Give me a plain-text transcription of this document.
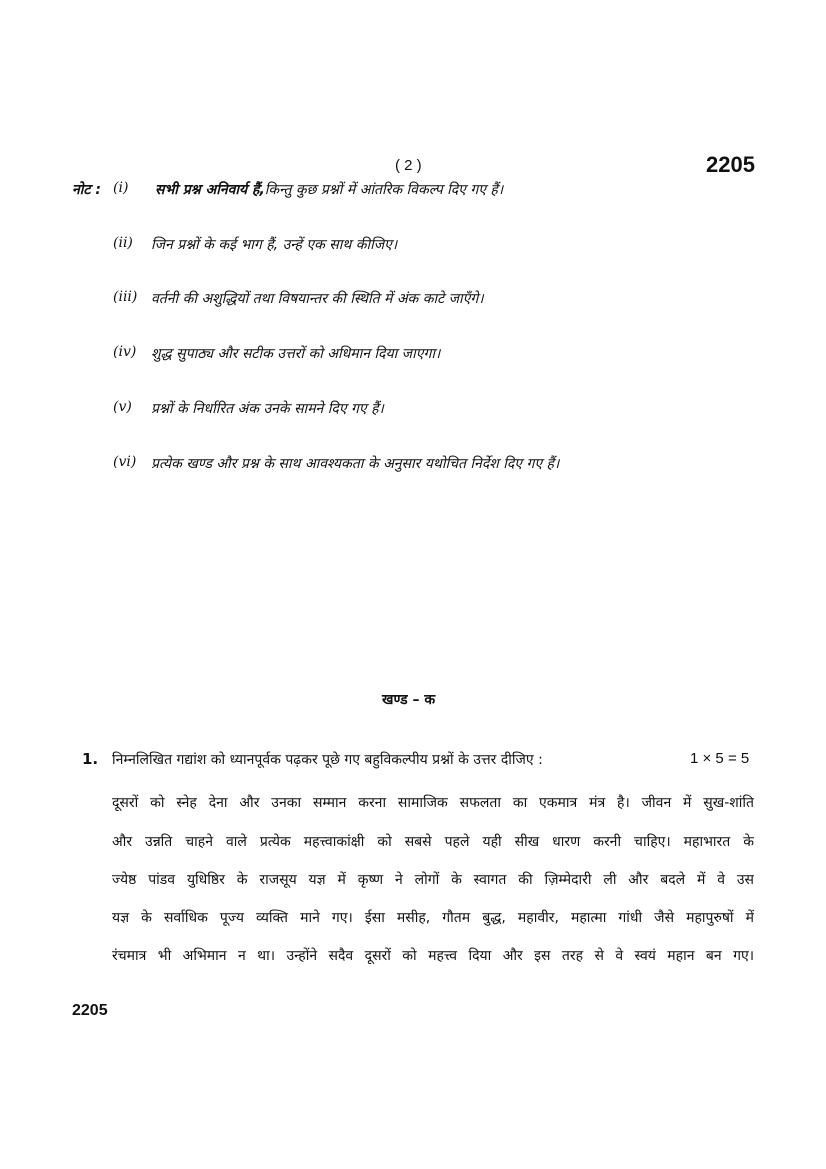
( 2 )	2205
नोट : (i)	सभी प्रश्न अनिवार्य हैं, किन्तु कुछ प्रश्नों में आंतरिक विकल्प दिए गए हैं।
(ii)	जिन प्रश्नों के कई भाग हैं, उन्हें एक साथ कीजिए।
(iii) वर्तनी की अशुद्धियों तथा विषयान्तर की स्थिति में अंक काटे जाएँगे।
(iv)	शुद्ध सुपाठ्य और सटीक उत्तरों को अधिमान दिया जाएगा।
(v)	प्रश्नों के निर्धारित अंक उनके सामने दिए गए हैं।
(vi)	प्रत्येक खण्ड और प्रश्न के साथ आवश्यकता के अनुसार यथोचित निर्देश दिए गए हैं।
खण्ड – क
1. निम्नलिखित गद्यांश को ध्यानपूर्वक पढ़कर पूछे गए बहुविकल्पीय प्रश्नों के उत्तर दीजिए :	1 × 5 = 5
दूसरों को स्नेह देना और उनका सम्मान करना सामाजिक सफलता का एकमात्र मंत्र है। जीवन में सुख-शांति
और उन्नति चाहने वाले प्रत्येक महत्त्वाकांक्षी को सबसे पहले यही सीख धारण करनी चाहिए। महाभारत के
ज्येष्ठ पांडव युधिष्ठिर के राजसूय यज्ञ में कृष्ण ने लोगों के स्वागत की ज़िम्मेदारी ली और बदले में वे उस
यज्ञ के सर्वाधिक पूज्य व्यक्ति माने गए। ईसा मसीह, गौतम बुद्ध, महावीर, महात्मा गांधी जैसे महापुरुषों में
रंचमात्र भी अभिमान न था। उन्होंने सदैव दूसरों को महत्त्व दिया और इस तरह से वे स्वयं महान बन गए।
2205
